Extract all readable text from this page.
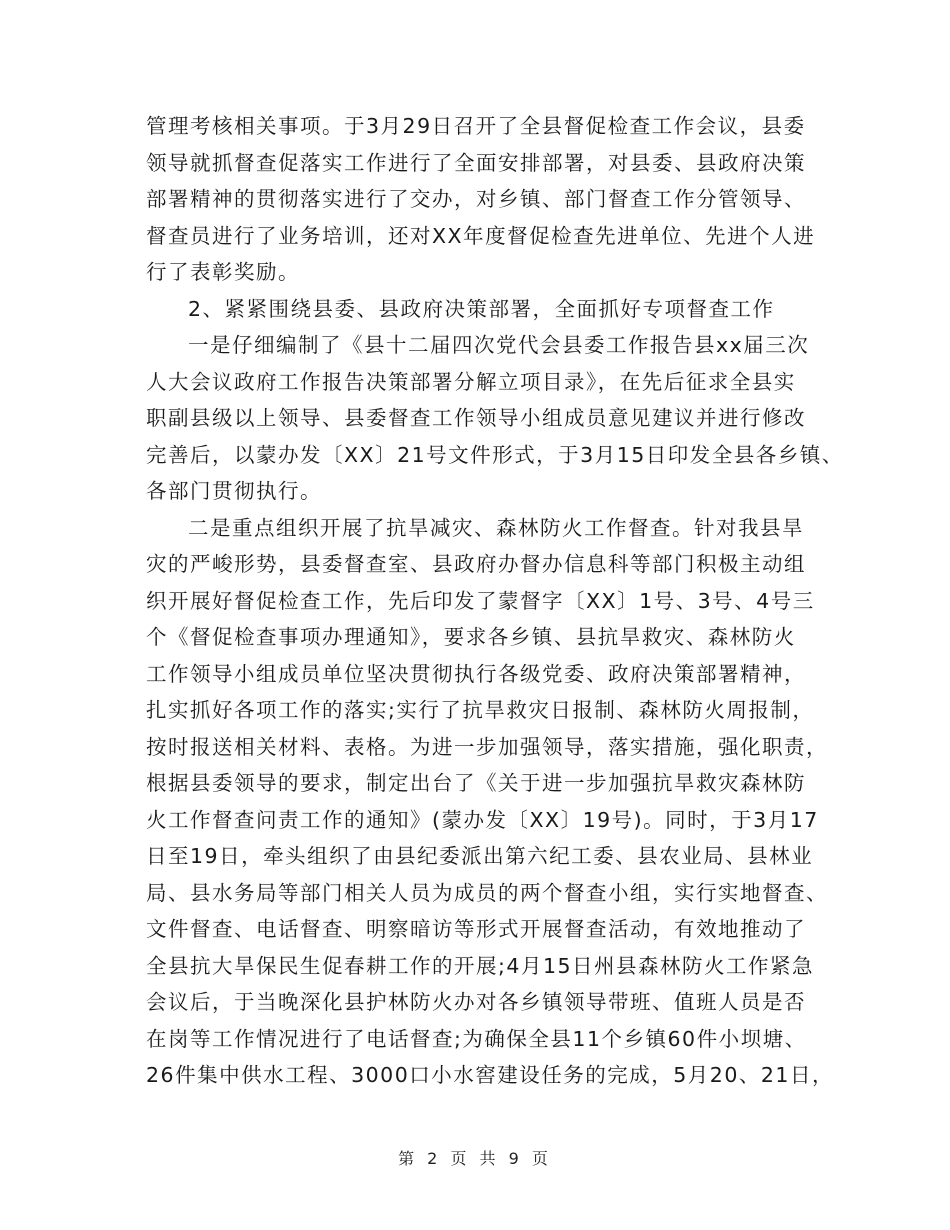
管理考核相关事项。于3月29日召开了全县督促检查工作会议，县委
领导就抓督查促落实工作进行了全面安排部署，对县委、县政府决策
部署精神的贯彻落实进行了交办，对乡镇、部门督查工作分管领导、
督查员进行了业务培训，还对XX年度督促检查先进单位、先进个人进
行了表彰奖励。
2、紧紧围绕县委、县政府决策部署，全面抓好专项督查工作
一是仔细编制了《县十二届四次党代会县委工作报告县xx届三次
人大会议政府工作报告决策部署分解立项目录》，在先后征求全县实
职副县级以上领导、县委督查工作领导小组成员意见建议并进行修改
完善后，以蒙办发〔XX〕21号文件形式，于3月15日印发全县各乡镇、
各部门贯彻执行。
二是重点组织开展了抗旱减灾、森林防火工作督查。针对我县旱
灾的严峻形势，县委督查室、县政府办督办信息科等部门积极主动组
织开展好督促检查工作，先后印发了蒙督字〔XX〕1号、3号、4号三
个《督促检查事项办理通知》，要求各乡镇、县抗旱救灾、森林防火
工作领导小组成员单位坚决贯彻执行各级党委、政府决策部署精神，
扎实抓好各项工作的落实;实行了抗旱救灾日报制、森林防火周报制，
按时报送相关材料、表格。为进一步加强领导，落实措施，强化职责，
根据县委领导的要求，制定出台了《关于进一步加强抗旱救灾森林防
火工作督查问责工作的通知》(蒙办发〔XX〕19号)。同时，于3月17
日至19日，牵头组织了由县纪委派出第六纪工委、县农业局、县林业
局、县水务局等部门相关人员为成员的两个督查小组，实行实地督查、
文件督查、电话督查、明察暗访等形式开展督查活动，有效地推动了
全县抗大旱保民生促春耕工作的开展;4月15日州县森林防火工作紧急
会议后，于当晚深化县护林防火办对各乡镇领导带班、值班人员是否
在岗等工作情况进行了电话督查;为确保全县11个乡镇60件小坝塘、
26件集中供水工程、3000口小水窖建设任务的完成，5月20、21日，
第 2 页 共 9 页
